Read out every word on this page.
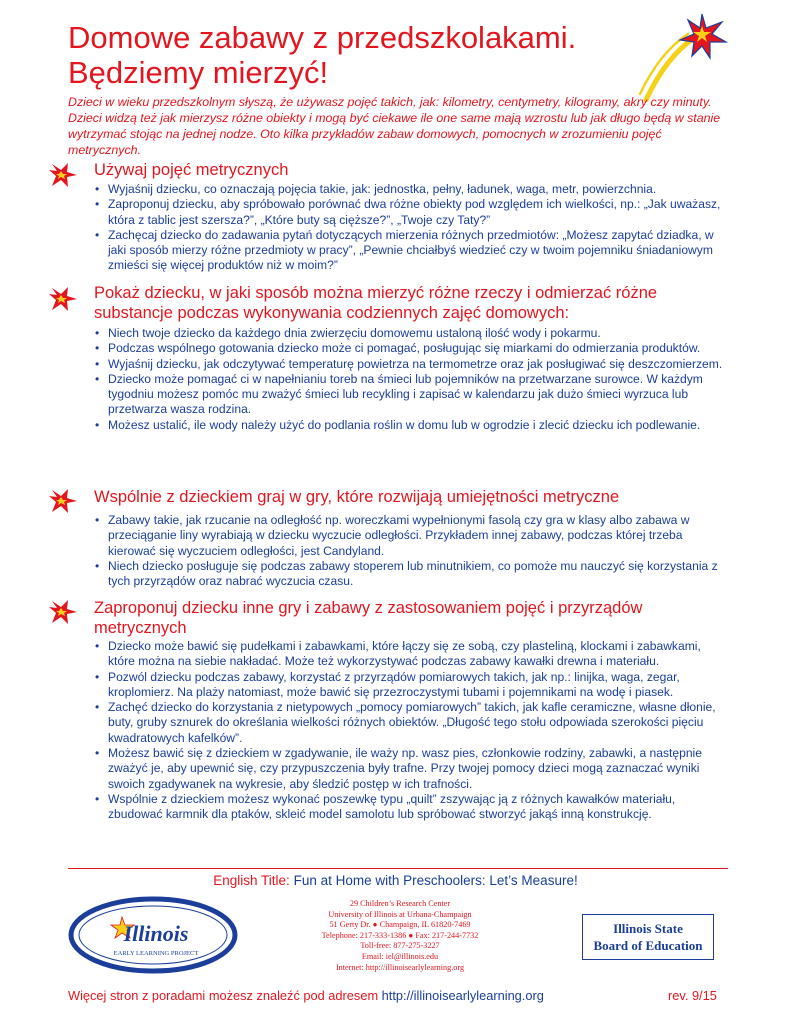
Domowe zabawy z przedszkolakami.
Będziemy mierzyć!

Dzieci w wieku przedszkolnym słyszą, że używasz pojęć takich, jak: kilometry, centymetry, kilogramy, akry czy minuty. Dzieci widzą też jak mierzysz różne obiekty i mogą być ciekawe ile one same mają wzrostu lub jak długo będą w stanie wytrzymać stojąc na jednej nodze. Oto kilka przykładów zabaw domowych, pomocnych w zrozumieniu pojęć metrycznych.

Używaj pojęć metrycznych
• Wyjaśnij dziecku, co oznaczają pojęcia takie, jak: jednostka, pełny, ładunek, waga, metr, powierzchnia.
• Zaproponuj dziecku, aby spróbowało porównać dwa różne obiekty pod względem ich wielkości, np.: „Jak uważasz, która z tablic jest szersza?”, „Które buty są cięższe?”, „Twoje czy Taty?”
• Zachęcaj dziecko do zadawania pytań dotyczących mierzenia różnych przedmiotów: „Możesz zapytać dziadka, w jaki sposób mierzy różne przedmioty w pracy”, „Pewnie chciałbyś wiedzieć czy w twoim pojemniku śniadaniowym zmieści się więcej produktów niż w moim?”
Pokaż dziecku, w jaki sposób można mierzyć różne rzeczy i odmierzać różne substancje podczas wykonywania codziennych zajęć domowych:
• Niech twoje dziecko da każdego dnia zwierzęciu domowemu ustaloną ilość wody i pokarmu.
• Podczas wspólnego gotowania dziecko może ci pomagać, posługując się miarkami do odmierzania produktów.
• Wyjaśnij dziecku, jak odczytywać temperaturę powietrza na termometrze oraz jak posługiwać się deszczomierzem.
• Dziecko może pomagać ci w napełnianiu toreb na śmieci lub pojemników na przetwarzane surowce. W każdym tygodniu możesz pomóc mu zważyć śmieci lub recykling i zapisać w kalendarzu jak dużo śmieci wyrzuca lub przetwarza wasza rodzina.
• Możesz ustalić, ile wody należy użyć do podlania roślin w domu lub w ogrodzie i zlecić dziecku ich podlewanie.
Wspólnie z dzieckiem graj w gry, które rozwijają umiejętności metryczne
• Zabawy takie, jak rzucanie na odległość np. woreczkami wypełnionymi fasolą czy gra w klasy albo zabawa w przeciąganie liny wyrabiają w dziecku wyczucie odległości. Przykładem innej zabawy, podczas której trzeba kierować się wyczuciem odległości, jest Candyland.
• Niech dziecko posługuje się podczas zabawy stoperem lub minutnikiem, co pomoże mu nauczyć się korzystania z tych przyrządów oraz nabrać wyczucia czasu.
Zaproponuj dziecku inne gry i zabawy z zastosowaniem pojęć i przyrządów metrycznych
• Dziecko może bawić się pudełkami i zabawkami, które łączy się ze sobą, czy plasteliną, klockami i zabawkami, które można na siebie nakładać. Może też wykorzystywać podczas zabawy kawałki drewna i materiału.
• Pozwól dziecku podczas zabawy, korzystać z przyrządów pomiarowych takich, jak np.: linijka, waga, zegar, kroplomierz. Na plaży natomiast, może bawić się przezroczystymi tubami i pojemnikami na wodę i piasek.
• Zachęć dziecko do korzystania z nietypowych „pomocy pomiarowych” takich, jak kafle ceramiczne, własne dłonie, buty, gruby sznurek do określania wielkości różnych obiektów. „Długość tego stołu odpowiada szerokości pięciu kwadratowych kafelków”.
• Możesz bawić się z dzieckiem w zgadywanie, ile waży np. wasz pies, członkowie rodziny, zabawki, a następnie zważyć je, aby upewnić się, czy przypuszczenia były trafne. Przy twojej pomocy dzieci mogą zaznaczać wyniki swoich zgadywanek na wykresie, aby śledzić postęp w ich trafności.
• Wspólnie z dzieckiem możesz wykonać poszewkę typu „quilt” zszywając ją z różnych kawałków materiału, zbudować karmnik dla ptaków, skleić model samolotu lub spróbować stworzyć jakąś inną konstrukcję.

English Title: Fun at Home with Preschoolers: Let’s Measure!

Illinois
EARLY LEARNING PROJECT
29 Children’s Research Center
University of Illinois at Urbana-Champaign
51 Gerty Dr. ● Champaign, IL 61820-7469
Telephone: 217-333-1386 ● Fax: 217-244-7732
Toll-free: 877-275-3227
Email: iel@illinois.edu
Internet: http://illinoisearlylearning.org
Illinois State
Board of Education

Więcej stron z poradami możesz znaleźć pod adresem http://illinoisearlylearning.org	rev. 9/15
